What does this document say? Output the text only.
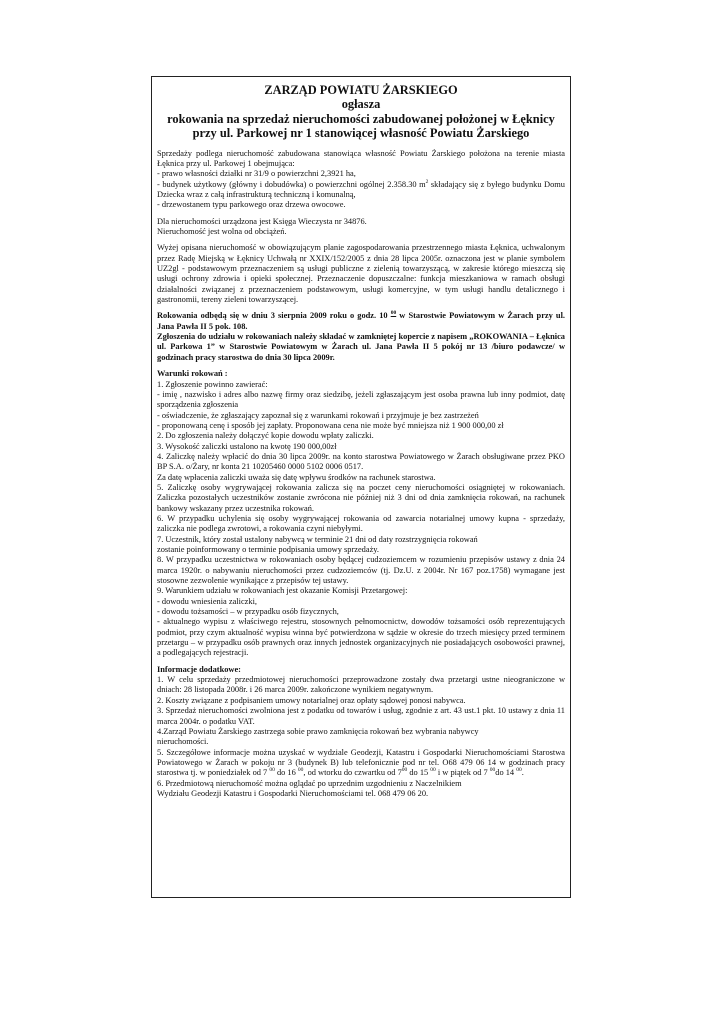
ZARZĄD POWIATU ŻARSKIEGO
ogłasza
rokowania na sprzedaż nieruchomości zabudowanej położonej w Łęknicy
przy ul. Parkowej nr 1 stanowiącej własność Powiatu Żarskiego
Sprzedaży podlega nieruchomość zabudowana stanowiąca własność Powiatu Żarskiego położona na terenie miasta Łęknica przy ul. Parkowej 1 obejmująca:
- prawo własności działki nr 31/9 o powierzchni 2,3921 ha,
- budynek użytkowy (główny i dobudówka) o powierzchni ogólnej 2.358.30 $m^2$ składający się z byłego budynku Domu Dziecka wraz z całą infrastrukturą techniczną i komunalną,
- drzewostanem typu parkowego oraz drzewa owocowe.
Dla nieruchomości urządzona jest Księga Wieczysta nr 34876.
Nieruchomość jest wolna od obciążeń.
Wyżej opisana nieruchomość w obowiązującym planie zagospodarowania przestrzennego miasta Łęknica, uchwalonym przez Radę Miejską w Łęknicy Uchwałą nr XXIX/152/2005 z dnia 28 lipca 2005r. oznaczona jest w planie symbolem UZ2gl - podstawowym przeznaczeniem są usługi publiczne z zielenią towarzyszącą, w zakresie którego mieszczą się usługi ochrony zdrowia i opieki społecznej. Przeznaczenie dopuszczalne: funkcja mieszkaniowa w ramach obsługi działalności związanej z przeznaczeniem podstawowym, usługi komercyjne, w tym usługi handlu detalicznego i gastronomii, tereny zieleni towarzyszącej.
Rokowania odbędą się w dniu 3 sierpnia 2009 roku o godz. 10 $^{00}$ w Starostwie Powiatowym w Żarach przy ul. Jana Pawła II 5 pok. 108.
Zgłoszenia do udziału w rokowaniach należy składać w zamkniętej kopercie z napisem „ROKOWANIA – Łęknica ul. Parkowa 1” w Starostwie Powiatowym w Żarach ul. Jana Pawła II 5 pokój nr 13 /biuro podawcze/ w godzinach pracy starostwa do dnia 30 lipca 2009r.
Warunki rokowań :
1. Zgłoszenie powinno zawierać:
- imię , nazwisko i adres albo nazwę firmy oraz siedzibę, jeżeli zgłaszającym jest osoba prawna lub inny podmiot, datę sporządzenia zgłoszenia
- oświadczenie, że zgłaszający zapoznał się z warunkami rokowań i przyjmuje je bez zastrzeżeń
- proponowaną cenę i sposób jej zapłaty. Proponowana cena nie może być mniejsza niż 1 900 000,00 zł
2. Do zgłoszenia należy dołączyć kopie dowodu wpłaty zaliczki.
3. Wysokość zaliczki ustalono na kwotę 190 000,00zł
4. Zaliczkę należy wpłacić do dnia 30 lipca 2009r. na konto starostwa Powiatowego w Żarach obsługiwane przez PKO BP S.A. o/Żary, nr konta 21 10205460 0000 5102 0006 0517.
Za datę wpłacenia zaliczki uważa się datę wpływu środków na rachunek starostwa.
5. Zaliczkę osoby wygrywającej rokowania zalicza się na poczet ceny nieruchomości osiągniętej w rokowaniach. Zaliczka pozostałych uczestników zostanie zwrócona nie później niż 3 dni od dnia zamknięcia rokowań, na rachunek bankowy wskazany przez uczestnika rokowań.
6. W przypadku uchylenia się osoby wygrywającej rokowania od zawarcia notarialnej umowy kupna - sprzedaży, zaliczka nie podlega zwrotowi, a rokowania czyni niebyłymi.
7. Uczestnik, który został ustalony nabywcą w terminie 21 dni od daty rozstrzygnięcia rokowań
zostanie poinformowany o terminie podpisania umowy sprzedaży.
8. W przypadku uczestnictwa w rokowaniach osoby będącej cudzoziemcem w rozumieniu przepisów ustawy z dnia 24 marca 1920r. o nabywaniu nieruchomości przez cudzoziemców (tj. Dz.U. z 2004r. Nr 167 poz.1758) wymagane jest stosowne zezwolenie wynikające z przepisów tej ustawy.
9. Warunkiem udziału w rokowaniach jest okazanie Komisji Przetargowej:
- dowodu wniesienia zaliczki,
- dowodu tożsamości – w przypadku osób fizycznych,
- aktualnego wypisu z właściwego rejestru, stosownych pełnomocnictw, dowodów tożsamości osób reprezentujących podmiot, przy czym aktualność wypisu winna być potwierdzona w sądzie w okresie do trzech miesięcy przed terminem przetargu – w przypadku osób prawnych oraz innych jednostek organizacyjnych nie posiadających osobowości prawnej, a podlegających rejestracji.
Informacje dodatkowe:
1. W celu sprzedaży przedmiotowej nieruchomości przeprowadzone zostały dwa przetargi ustne nieograniczone w dniach: 28 listopada 2008r. i 26 marca 2009r. zakończone wynikiem negatywnym.
2. Koszty związane z podpisaniem umowy notarialnej oraz opłaty sądowej ponosi nabywca.
3. Sprzedaż nieruchomości zwolniona jest z podatku od towarów i usług, zgodnie z art. 43 ust.1 pkt. 10 ustawy z dnia 11 marca 2004r. o podatku VAT.
4.Zarząd Powiatu Żarskiego zastrzega sobie prawo zamknięcia rokowań bez wybrania nabywcy
nieruchomości.
5. Szczegółowe informacje można uzyskać w wydziale Geodezji, Katastru i Gospodarki Nieruchomościami Starostwa Powiatowego w Żarach w pokoju nr 3 (budynek B) lub telefonicznie pod nr tel. O68 479 06 14 w godzinach pracy starostwa tj. w poniedziałek od 7 $^{00}$ do 16 $^{00}$, od wtorku do czwartku od $7^{00}$ do 15 $^{00}$ i w piątek od 7 $^{00}$do 14 $^{00}$.
6. Przedmiotową nieruchomość można oglądać po uprzednim uzgodnieniu z Naczelnikiem
Wydziału Geodezji Katastru i Gospodarki Nieruchomościami tel. 068 479 06 20.
